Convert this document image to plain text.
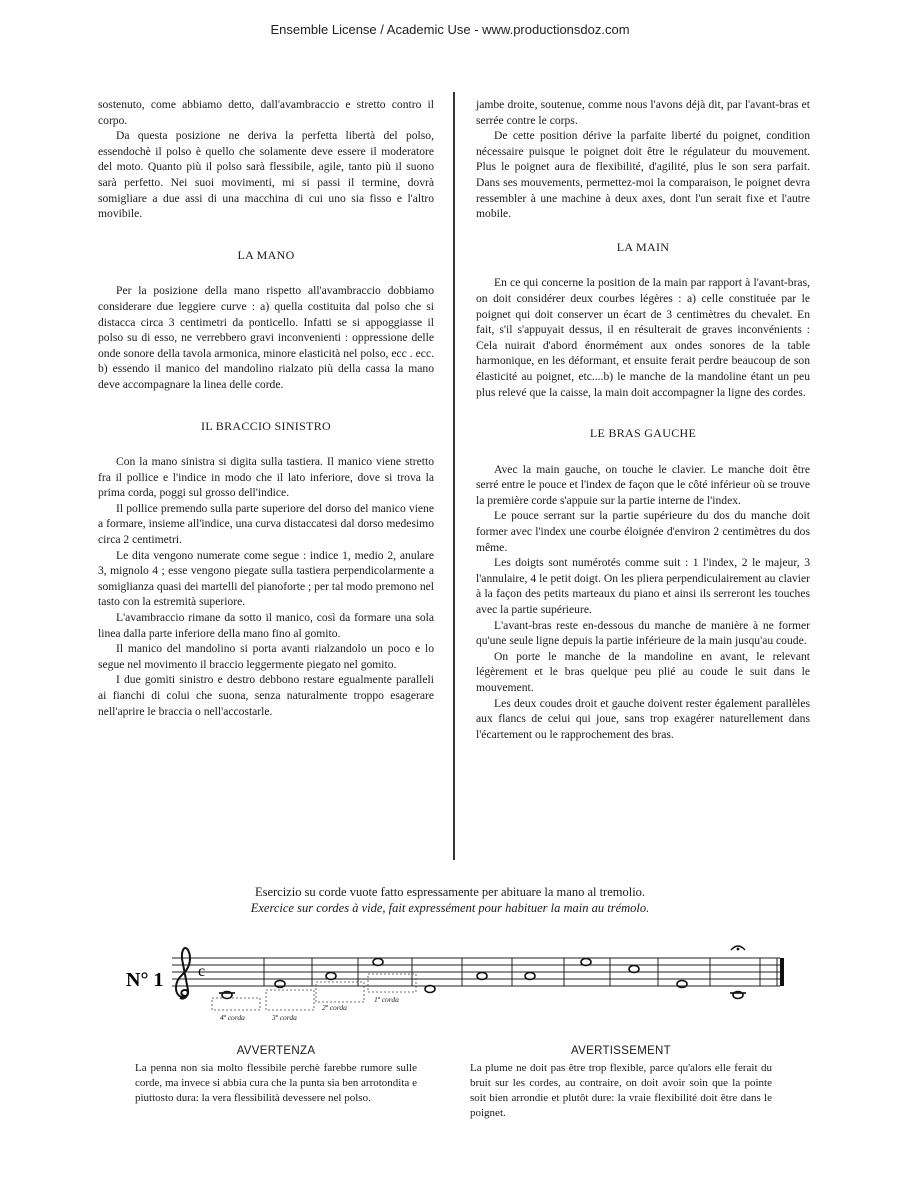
Ensemble License / Academic Use - www.productionsdoz.com

sostenuto, come abbiamo detto, dall'avambraccio e stretto contro il corpo.

Da questa posizione ne deriva la perfetta libertà del polso, essendochè il polso è quello che solamente deve essere il moderatore del moto. Quanto più il polso sarà flessibile, agile, tanto più il suono sarà perfetto. Nei suoi movimenti, mi si passi il termine, dovrà somigliare a due assi di una macchina di cui uno sia fisso e l'altro movibile.

LA MANO

Per la posizione della mano rispetto all'avambraccio dobbiamo considerare due leggiere curve : a) quella costituita dal polso che si distacca circa 3 centimetri da ponticello. Infatti se si appoggiasse il polso su di esso, ne verrebbero gravi inconvenienti : oppressione delle onde sonore della tavola armonica, minore elasticità nel polso, ecc . ecc. b) essendo il manico del mandolino rialzato più della cassa la mano deve accompagnare la linea delle corde.

IL BRACCIO SINISTRO

Con la mano sinistra si digita sulla tastiera. Il manico viene stretto fra il pollice e l'indice in modo che il lato inferiore, dove si trova la prima corda, poggi sul grosso dell'indice.

Il pollice premendo sulla parte superiore del dorso del manico viene a formare, insieme all'indice, una curva distaccatesi dal dorso medesimo circa 2 centimetri.

Le dita vengono numerate come segue : indice 1, medio 2, anulare 3, mignolo 4 ; esse vengono piegate sulla tastiera perpendicolarmente a somiglianza quasi dei martelli del pianoforte ; per tal modo premono nel tasto con la estremità superiore.

L'avambraccio rimane da sotto il manico, così da formare una sola linea dalla parte inferiore della mano fino al gomito.

Il manico del mandolino si porta avanti rialzandolo un poco e lo segue nel movimento il braccio leggermente piegato nel gomito.

I due gomiti sinistro e destro debbono restare egualmente paralleli ai fianchi di colui che suona, senza naturalmente troppo esagerare nell'aprire le braccia o nell'accostarle.

jambe droite, soutenue, comme nous l'avons déjà dit, par l'avant-bras et serrée contre le corps.

De cette position dérive la parfaite liberté du poignet, condition nécessaire puisque le poignet doit être le régulateur du mouvement. Plus le poignet aura de flexibilité, d'agilité, plus le son sera parfait. Dans ses mouvements, permettez-moi la comparaison, le poignet devra ressembler à une machine à deux axes, dont l'un serait fixe et l'autre mobile.

LA MAIN

En ce qui concerne la position de la main par rapport à l'avant-bras, on doit considérer deux courbes légères : a) celle constituée par le poignet qui doit conserver un écart de 3 centimètres du chevalet. En fait, s'il s'appuyait dessus, il en résulterait de graves inconvénients : Cela nuirait d'abord énormément aux ondes sonores de la table harmonique, en les déformant, et ensuite ferait perdre beaucoup de son élasticité au poignet, etc....b) le manche de la mandoline étant un peu plus relevé que la caisse, la main doit accompagner la ligne des cordes.

LE BRAS GAUCHE

Avec la main gauche, on touche le clavier. Le manche doit être serré entre le pouce et l'index de façon que le côté inférieur où se trouve la première corde s'appuie sur la partie interne de l'index.

Le pouce serrant sur la partie supérieure du dos du manche doit former avec l'index une courbe éloignée d'environ 2 centimètres du dos même.

Les doigts sont numérotés comme suit : 1 l'index, 2 le majeur, 3 l'annulaire, 4 le petit doigt. On les pliera perpendiculairement au clavier à la façon des petits marteaux du piano et ainsi ils serreront les touches avec la partie supérieure.

L'avant-bras reste en-dessous du manche de manière à ne former qu'une seule ligne depuis la partie inférieure de la main jusqu'au coude.

On porte le manche de la mandoline en avant, le relevant légèrement et le bras quelque peu plié au coude le suit dans le mouvement.

Les deux coudes droit et gauche doivent rester également parallèles aux flancs de celui qui joue, sans trop exagérer naturellement dans l'écartement ou le rapprochement des bras.

Esercizio su corde vuote fatto espressamente per abituare la mano al tremolio.
Exercice sur cordes à vide, fait expressément pour habituer la main au trémolo.
N° 1 c
4ª corda	3ª corda
2ª corda
1ª corda
AVVERTENZA

La penna non sia molto flessibile perchè farebbe rumore sulle corde, ma invece si abbia cura che la punta sia ben arrotondita e piuttosto dura: la vera flessibilità devessere nel polso.

AVERTISSEMENT

La plume ne doit pas être trop flexible, parce qu'alors elle ferait du bruit sur les cordes, au contraire, on doit avoir soin que la pointe soit bien arrondie et plutôt dure: la vraie flexibilité doit être dans le poignet.
